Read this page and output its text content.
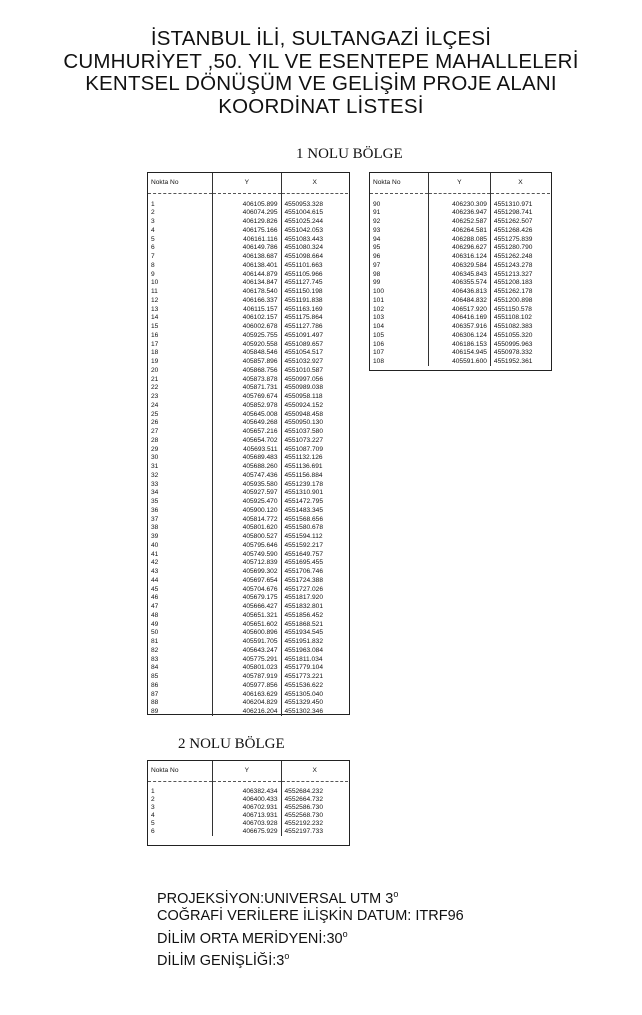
İSTANBUL İLİ, SULTANGAZİ İLÇESİ
CUMHURİYET ,50. YIL VE ESENTEPE MAHALLELERİ
KENTSEL DÖNÜŞÜM VE GELİŞİM PROJE ALANI
KOORDİNAT LİSTESİ
1 NOLU BÖLGE
Nokta No	Y	X

1	406105.899	4550953.328
2	406074.295	4551004.615
3	406129.826	4551025.244
4	406175.166	4551042.053
5	406161.116	4551083.443
6	406149.786	4551080.324
7	406138.687	4551098.664
8	406138.401	4551101.663
9	406144.879	4551105.966
10	406134.847	4551127.745
11	406178.540	4551150.198
12	406166.337	4551191.838
13	406115.157	4551163.169
14	406102.157	4551175.864
15	406002.678	4551127.786
16	405925.755	4551091.497
17	405920.558	4551089.657
18	405848.546	4551054.517
19	405857.896	4551032.927
20	405868.756	4551010.587
21	405873.878	4550997.056
22	405871.731	4550989.038
23	405769.674	4550958.118
24	405852.978	4550924.152
25	405645.008	4550948.458
26	405649.268	4550950.130
27	405657.216	4551037.580
28	405654.702	4551073.227
29	405693.511	4551087.709
30	405689.483	4551132.126
31	405688.260	4551136.691
32	405747.436	4551156.884
33	405935.580	4551239.178
34	405927.597	4551310.901
35	405925.470	4551472.795
36	405900.120	4551483.345
37	405814.772	4551568.656
38	405801.620	4551580.678
39	405800.527	4551594.112
40	405795.646	4551592.217
41	405749.590	4551649.757
42	405712.839	4551695.455
43	405699.302	4551706.746
44	405697.654	4551724.388
45	405704.676	4551727.026
46	405679.175	4551817.920
47	405666.427	4551832.801
48	405651.321	4551856.452
49	405651.602	4551868.521
50	405600.896	4551934.545
81	405591.705	4551951.832
82	405643.247	4551963.084
83	405775.291	4551811.034
84	405801.023	4551779.104
85	405787.919	4551773.221
86	405977.856	4551536.622
87	406163.629	4551305.040
88	406204.829	4551329.450
89	406216.204	4551302.346
Nokta No	Y	X

90	406230.309	4551310.971
91	406236.947	4551298.741
92	406252.587	4551262.507
93	406264.581	4551268.426
94	406288.085	4551275.839
95	406296.627	4551280.790
96	406316.124	4551262.248
97	406329.584	4551243.278
98	406345.843	4551213.327
99	406355.574	4551208.183
100	406436.813	4551262.178
101	406484.832	4551200.898
102	406517.920	4551150.578
103	406416.169	4551108.102
104	406357.916	4551082.383
105	406306.124	4551055.320
106	406186.153	4550995.963
107	406154.945	4550978.332
108	405591.600	4551952.361
2 NOLU BÖLGE
Nokta No	Y	X

1	406382.434	4552684.232
2	406400.433	4552664.732
3	406702.931	4552586.730
4	406713.931	4552568.730
5	406703.928	4552192.232
6	406675.929	4552197.733
PROJEKSİYON:UNIVERSAL UTM 3$^o$
COĞRAFİ VERİLERE İLİŞKİN DATUM: ITRF96
DİLİM ORTA MERİDYENİ:30$^o$
DİLİM GENİŞLİĞİ:3$^o$
